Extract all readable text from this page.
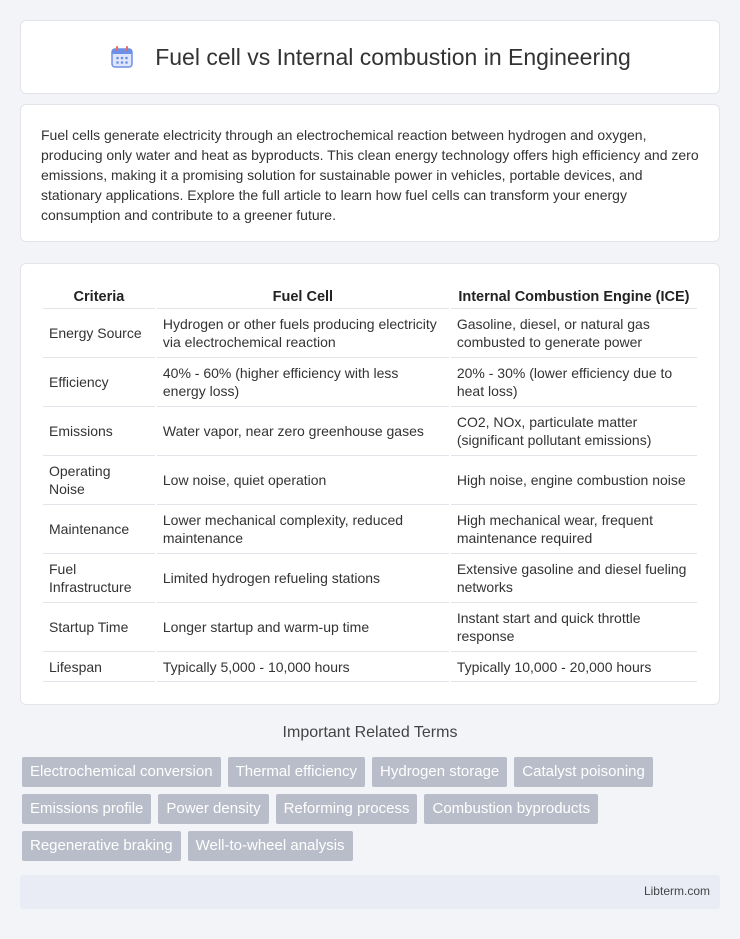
Fuel cell vs Internal combustion in Engineering

Fuel cells generate electricity through an electrochemical reaction between hydrogen and oxygen, producing only water and heat as byproducts. This clean energy technology offers high efficiency and zero emissions, making it a promising solution for sustainable power in vehicles, portable devices, and stationary applications. Explore the full article to learn how fuel cells can transform your energy consumption and contribute to a greener future.

Criteria	Fuel Cell	Internal Combustion Engine (ICE)
Energy Source	Hydrogen or other fuels producing electricity via electrochemical reaction	Gasoline, diesel, or natural gas combusted to generate power
Efficiency	40% - 60% (higher efficiency with less energy loss)	20% - 30% (lower efficiency due to heat loss)
Emissions	Water vapor, near zero greenhouse gases	CO2, NOx, particulate matter (significant pollutant emissions)
Operating Noise	Low noise, quiet operation	High noise, engine combustion noise
Maintenance	Lower mechanical complexity, reduced maintenance	High mechanical wear, frequent maintenance required
Fuel Infrastructure	Limited hydrogen refueling stations	Extensive gasoline and diesel fueling networks
Startup Time	Longer startup and warm-up time	Instant start and quick throttle response
Lifespan	Typically 5,000 - 10,000 hours	Typically 10,000 - 20,000 hours
Important Related Terms
Electrochemical conversion	Thermal efficiency	Hydrogen storage	Catalyst poisoning
Emissions profile	Power density	Reforming process	Combustion byproducts
Regenerative braking	Well-to-wheel analysis
Libterm.com
